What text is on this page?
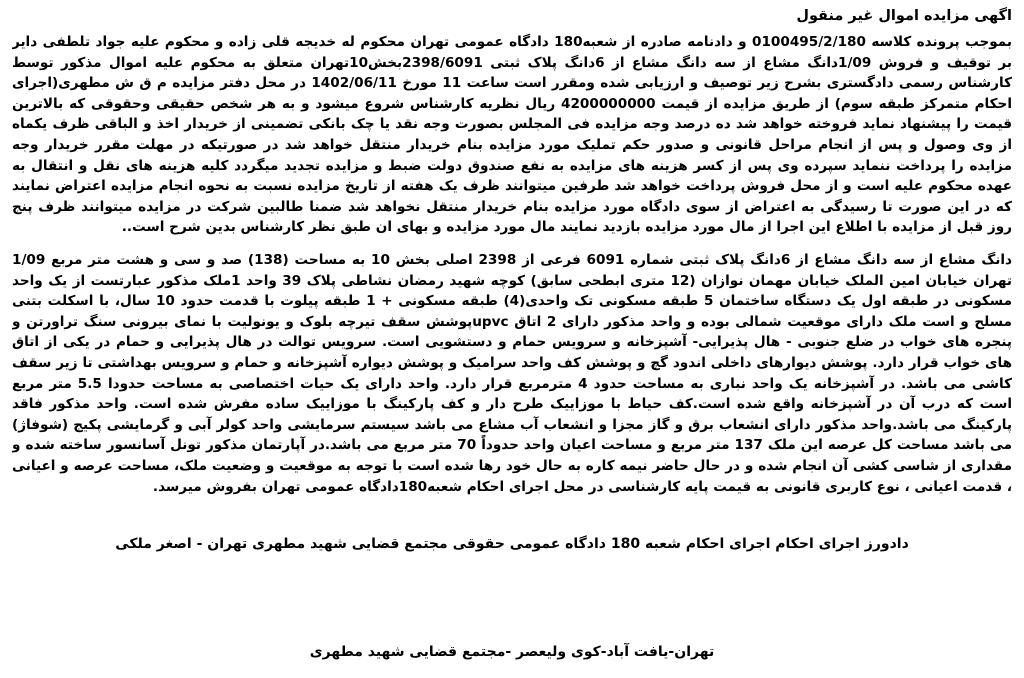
اگهی مزایده اموال غیر منقول

بموجب پرونده کلاسه 0100495/2/180 و دادنامه صادره از شعبه180 دادگاه عمومی تهران محکوم له خدیجه قلی زاده و محکوم علیه جواد تلطفی دایر بر توقیف و فروش 1/09دانگ مشاع از سه دانگ مشاع از 6دانگ پلاک ثبتی 2398/6091بخش10تهران متعلق به محکوم علیه اموال مذکور توسط کارشناس رسمی دادگستری بشرح زیر توصیف و ارزیابی شده ومقرر است ساعت 11 مورخ 1402/06/11 در محل دفتر مزایده م ق ش مطهری(اجرای احکام متمرکز طبقه سوم) از طریق مزایده از قیمت 4200000000 ریال نظریه کارشناس شروع میشود و به هر شخص حقیقی وحقوقی که بالاترین قیمت را پیشنهاد نماید فروخته خواهد شد ده درصد وجه مزایده فی المجلس بصورت وجه نقد یا چک بانکی تضمینی از خریدار اخذ و الباقی ظرف یکماه از وی وصول و پس از انجام مراحل قانونی و صدور حکم تملیک مورد مزایده بنام خریدار منتقل خواهد شد در صورتیکه در مهلت مقرر خریدار وجه مزایده را پرداخت ننماید سپرده وی پس از کسر هزینه های مزایده به نفع صندوق دولت ضبط و مزایده تجدید میگردد کلیه هزینه های نقل و انتقال به عهده محکوم علیه است و از محل فروش پرداخت خواهد شد طرفین میتوانند ظرف یک هفته از تاریخ مزایده نسبت به نحوه انجام مزایده اعتراض نمایند که در این صورت تا رسیدگی به اعتراض از سوی دادگاه مورد مزایده بنام خریدار منتقل نخواهد شد ضمنا طالبین شرکت در مزایده میتوانند ظرف پنج روز قبل از مزایده با اطلاع این اجرا از مال مورد مزایده بازدید نمایند مال مورد مزایده و بهای ان طبق نظر کارشناس بدین شرح است..

دانگ مشاع از سه دانگ مشاع از 6دانگ پلاک ثبتی شماره 6091 فرعی از 2398 اصلی بخش 10 به مساحت (138) صد و سی و هشت متر مربع 1/09 تهران خیابان امین الملک خیابان مهمان نوازان (12 متری ابطحی سابق) کوچه شهید رمضان نشاطی پلاک 39 واحد 1ملک مذکور عبارتست از یک واحد مسکونی در طبقه اول یک دستگاه ساختمان 5 طبقه مسکونی تک واحدی(4) طبقه مسکونی + 1 طبقه پیلوت با قدمت حدود 10 سال، با اسکلت بتنی مسلح و است ملک دارای موقعیت شمالی بوده و واحد مذکور دارای 2 اتاق upvcپوشش سقف تیرچه بلوک و یونولیت با نمای بیرونی سنگ تراورتن و پنجره های خواب در ضلع جنوبی - هال پذیرایی- آشپزخانه و سرویس حمام و دستشویی است. سرویس توالت در هال پذیرایی و حمام در یکی از اتاق های خواب قرار دارد. پوشش دیوارهای داخلی اندود گچ و پوشش کف واحد سرامیک و پوشش دیواره آشپزخانه و حمام و سرویس بهداشتی تا زیر سقف کاشی می باشد. در آشپزخانه یک واحد نباری به مساحت حدود 4 مترمربع قرار دارد. واحد دارای یک حیات اختصاصی به مساحت حدودا 5.5 متر مربع است که درب آن در آشپزخانه واقع شده است.کف حیاط با موزاییک طرح دار و کف پارکینگ با موزاییک ساده مفرش شده است. واحد مذکور فاقد پارکینگ می باشد.واحد مذکور دارای انشعاب برق و گاز مجزا و انشعاب آب مشاع می باشد سیستم سرمایشی واحد کولر آبی و گرمایشی پکیج (شوفاژ) می باشد مساحت کل عرصه این ملک 137 متر مربع و مساحت اعیان واحد حدوداً 70 متر مربع می باشد.در آپارتمان مذکور تونل آسانسور ساخته شده و مقداری از شاسی کشی آن انجام شده و در حال حاضر نیمه کاره به حال خود رها شده است با توجه به موقعیت و وضعیت ملک، مساحت عرصه و اعیانی ، قدمت اعیانی ، نوع کاربری قانونی به قیمت پایه کارشناسی در محل اجرای احکام شعبه180دادگاه عمومی تهران بفروش میرسد.

دادورز اجرای احکام اجرای احکام شعبه 180 دادگاه عمومی حقوقی مجتمع قضایی شهید مطهری تهران - اصغر ملکی
تهران-یافت آباد-کوی ولیعصر -مجتمع قضایی شهید مطهری
